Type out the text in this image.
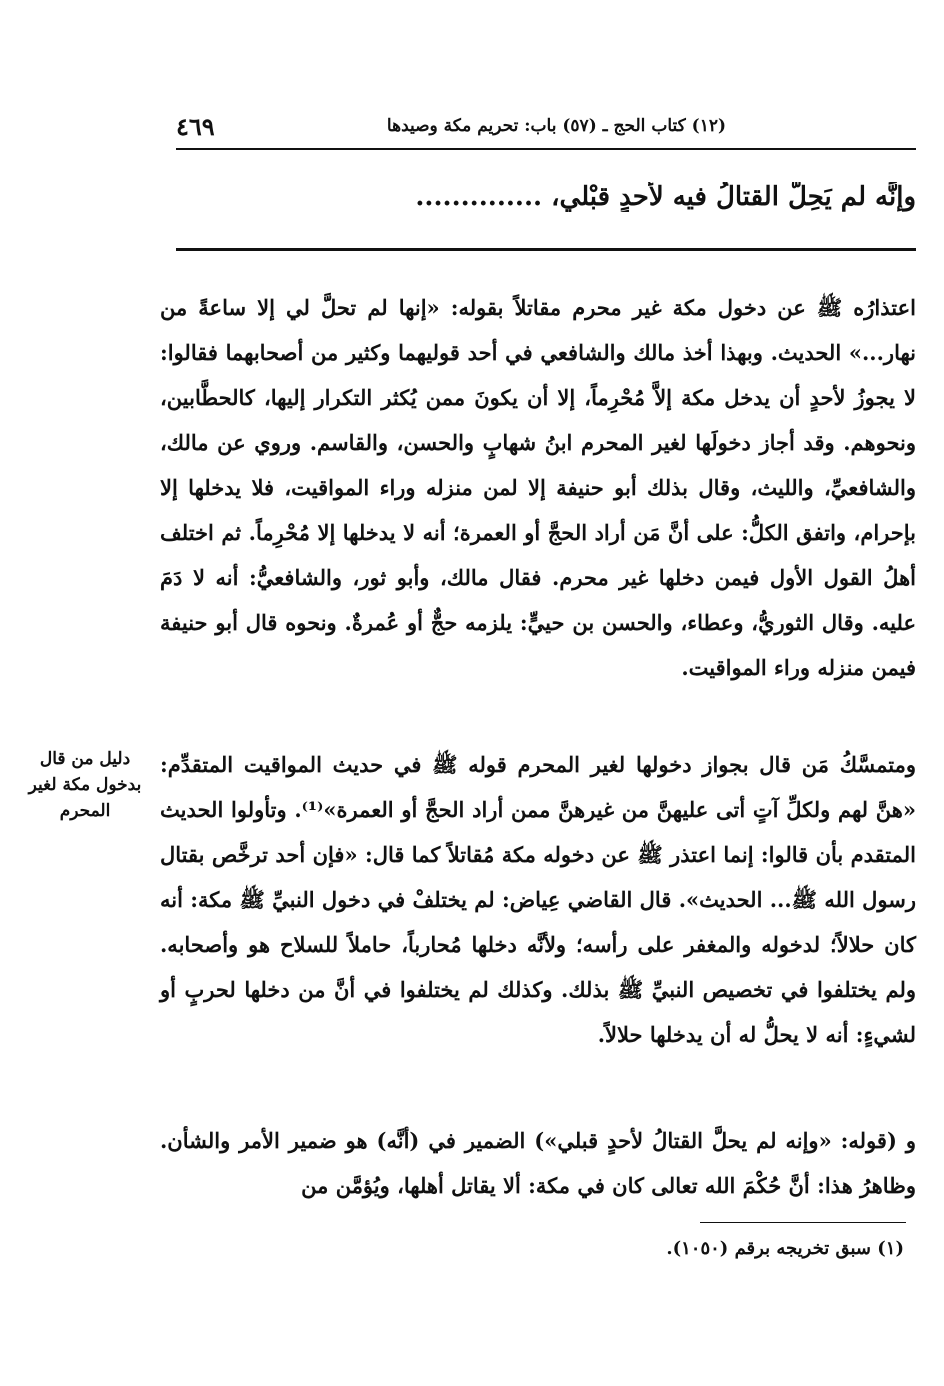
(١٢) كتاب الحج ـ (٥٧) باب: تحريم مكة وصيدها
٤٦٩
وإنَّه لم يَحِلَّ القتالُ فيه لأحدٍ قبْلي، ..............

اعتذارُه ﷺ عن دخول مكة غير محرم مقاتلاً بقوله: «إنها لم تحلَّ لي إلا ساعةً من نهار...» الحديث. وبهذا أخذ مالك والشافعي في أحد قوليهما وكثير من أصحابهما فقالوا: لا يجوزُ لأحدٍ أن يدخل مكة إلاَّ مُحْرِماً، إلا أن يكونَ ممن يُكثر التكرار إليها، كالحطَّابين، ونحوهم. وقد أجاز دخولَها لغير المحرم ابنُ شهابٍ والحسن، والقاسم. وروي عن مالك، والشافعيِّ، والليث، وقال بذلك أبو حنيفة إلا لمن منزله وراء المواقيت، فلا يدخلها إلا بإحرام، واتفق الكلُّ: على أنَّ مَن أراد الحجَّ أو العمرة؛ أنه لا يدخلها إلا مُحْرِماً. ثم اختلف أهلُ القول الأول فيمن دخلها غير محرم. فقال مالك، وأبو ثور، والشافعيُّ: أنه لا دَمَ عليه. وقال الثوريُّ، وعطاء، والحسن بن حييٍّ: يلزمه حجٌّ أو عُمرةٌ. ونحوه قال أبو حنيفة فيمن منزله وراء المواقيت.

دليل من قال بدخول مكة لغير المحرم

ومتمسَّكُ مَن قال بجواز دخولها لغير المحرم قوله ﷺ في حديث المواقيت المتقدِّم: «هنَّ لهم ولكلِّ آتٍ أتى عليهنَّ من غيرهنَّ ممن أراد الحجَّ أو العمرة»⁽¹⁾. وتأولوا الحديث المتقدم بأن قالوا: إنما اعتذر ﷺ عن دخوله مكة مُقاتلاً كما قال: «فإن أحد ترخَّص بقتال رسول الله ﷺ... الحديث». قال القاضي عِياض: لم يختلفْ في دخول النبيِّ ﷺ مكة: أنه كان حلالاً؛ لدخوله والمغفر على رأسه؛ ولأنَّه دخلها مُحارباً، حاملاً للسلاح هو وأصحابه. ولم يختلفوا في تخصيص النبيِّ ﷺ بذلك. وكذلك لم يختلفوا في أنَّ من دخلها لحربٍ أو لشيءٍ: أنه لا يحلُّ له أن يدخلها حلالاً.

و (قوله: «وإنه لم يحلَّ القتالُ لأحدٍ قبلي») الضمير في (أنَّه) هو ضمير الأمر والشأن. وظاهرُ هذا: أنَّ حُكْمَ الله تعالى كان في مكة: ألا يقاتل أهلها، ويُؤمَّن من

(١) سبق تخريجه برقم (١٠٥٠).
